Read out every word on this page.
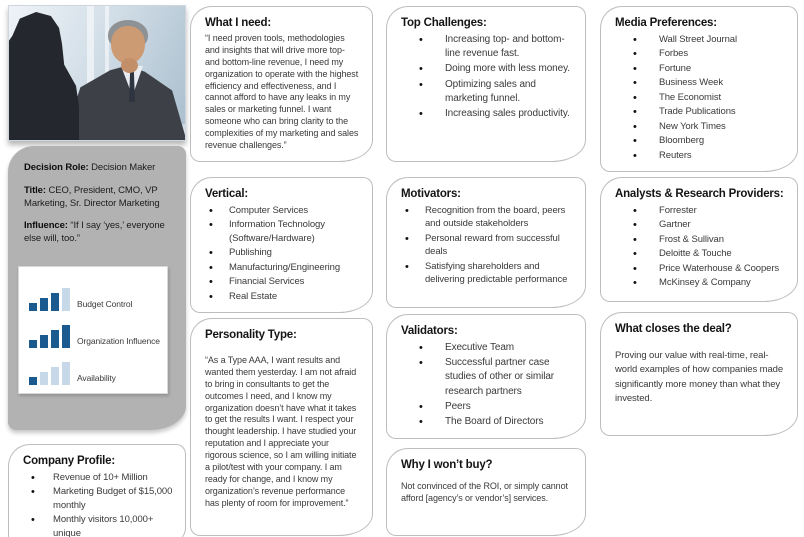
Decision Role: Decision Maker

Title: CEO, President, CMO, VP Marketing, Sr. Director Marketing

Influence: “If I say ‘yes,’ everyone else will, too.”

Budget Control
Organization Influence
Availability
Company Profile:
• Revenue of 10+ Million
• Marketing Budget of $15,000 monthly
• Monthly visitors 10,000+ unique
What I need:

“I need proven tools, methodologies and insights that will drive more top- and bottom-line revenue, I need my organization to operate with the highest efficiency and effectiveness, and I cannot afford to have any leaks in my sales or marketing funnel. I want someone who can bring clarity to the complexities of my marketing and sales revenue challenges.”

Vertical:
• Computer Services
• Information Technology (Software/Hardware)
• Publishing
• Manufacturing/Engineering
• Financial Services
• Real Estate
Personality Type:

“As a Type AAA, I want results and wanted them yesterday. I am not afraid to bring in consultants to get the outcomes I need, and I know my organization doesn’t have what it takes to get the results I want. I respect your thought leadership. I have studied your reputation and I appreciate your rigorous science, so I am willing initiate a pilot/test with your company. I am ready for change, and I know my organization’s revenue performance has plenty of room for improvement.”

Top Challenges:
• Increasing top- and bottom-line revenue fast.
• Doing more with less money.
• Optimizing sales and marketing funnel.
• Increasing sales productivity.
Motivators:
• Recognition from the board, peers and outside stakeholders
• Personal reward from successful deals
• Satisfying shareholders and delivering predictable performance
Validators:
• Executive Team
• Successful partner case studies of other or similar research partners
• Peers
• The Board of Directors
Why I won’t buy?

Not convinced of the ROI, or simply cannot afford [agency’s or vendor’s] services.

Media Preferences:
• Wall Street Journal
• Forbes
• Fortune
• Business Week
• The Economist
• Trade Publications
• New York Times
• Bloomberg
• Reuters
Analysts & Research Providers:
• Forrester
• Gartner
• Frost & Sullivan
• Deloitte & Touche
• Price Waterhouse & Coopers
• McKinsey & Company
What closes the deal?

Proving our value with real-time, real-world examples of how companies made significantly more money than what they invested.
